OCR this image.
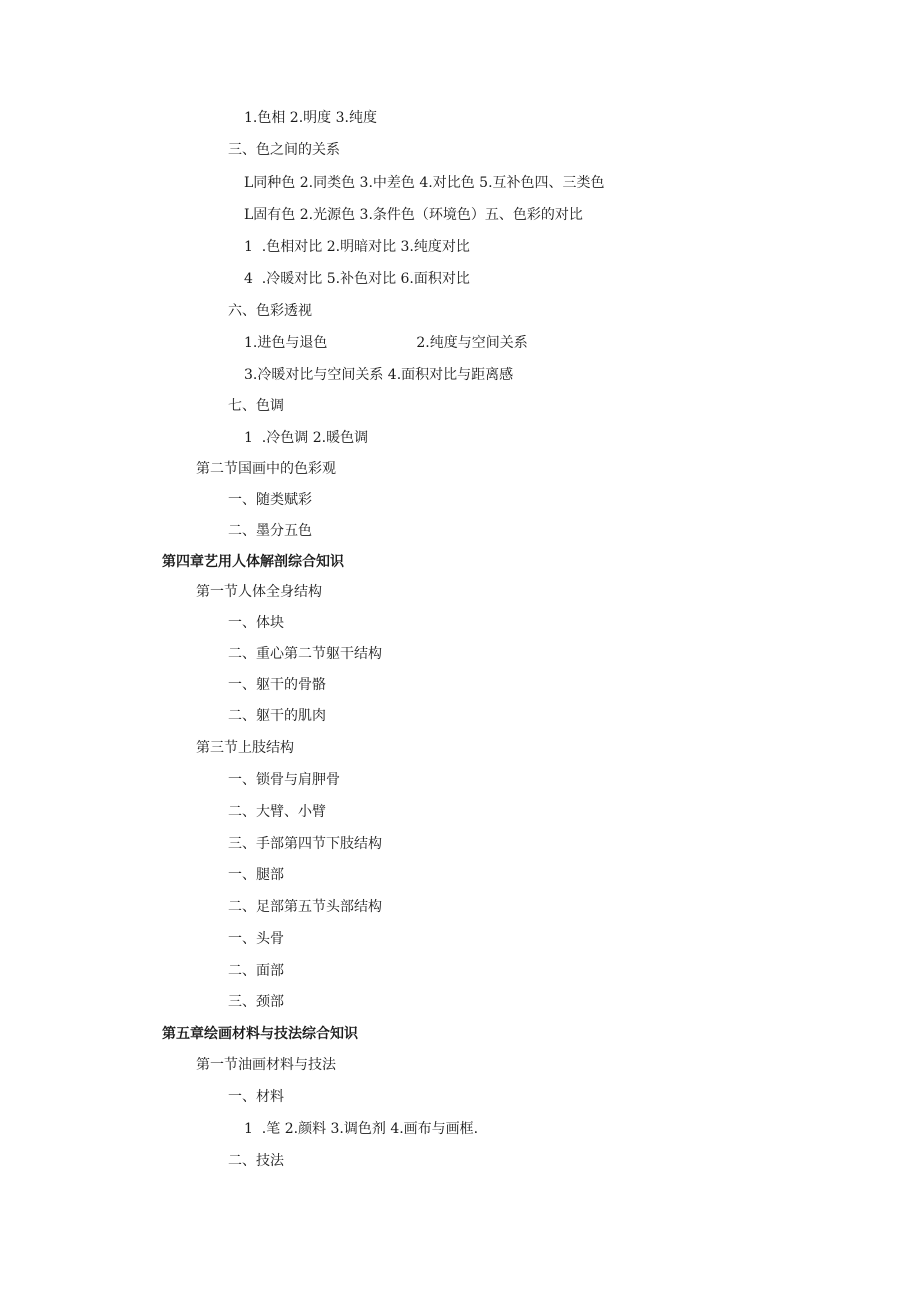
1.色相 2.明度 3.纯度
三、色之间的关系
L同种色 2.同类色 3.中差色 4.对比色 5.互补色四、三类色
L固有色 2.光源色 3.条件色（环境色）五、色彩的对比
1  .色相对比 2.明暗对比 3.纯度对比
4  .冷暖对比 5.补色对比 6.面积对比
六、色彩透视
1.进色与退色                    2.纯度与空间关系
3.冷暖对比与空间关系 4.面积对比与距离感
七、色调
1  .冷色调 2.暖色调
第二节国画中的色彩观
一、随类赋彩
二、墨分五色
第四章艺用人体解剖综合知识
第一节人体全身结构
一、体块
二、重心第二节躯干结构
一、躯干的骨骼
二、躯干的肌肉
第三节上肢结构
一、锁骨与肩胛骨
二、大臂、小臂
三、手部第四节下肢结构
一、腿部
二、足部第五节头部结构
一、头骨
二、面部
三、颈部
第五章绘画材料与技法综合知识
第一节油画材料与技法
一、材料
1  .笔 2.颜料 3.调色剂 4.画布与画框.
二、技法
